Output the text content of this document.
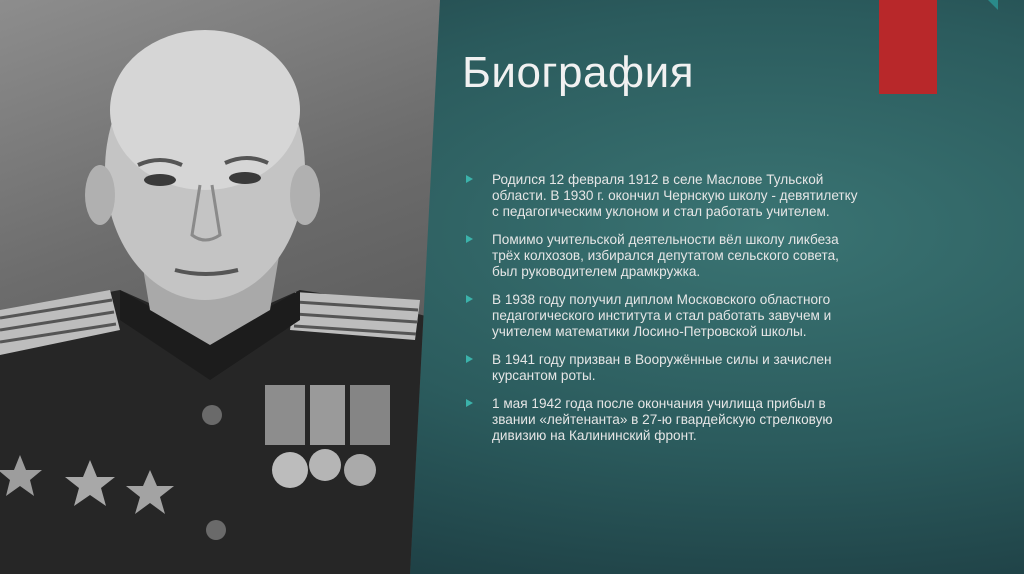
Биография
Родился 12 февраля 1912 в селе Маслове Тульской области. В 1930 г. окончил Чернскую школу - девятилетку с педагогическим уклоном и стал работать учителем.
Помимо учительской деятельности вёл школу ликбеза трёх колхозов, избирался депутатом сельского совета, был руководителем драмкружка.
В 1938 году получил диплом Московского областного педагогического института и стал работать завучем и учителем математики Лосино-Петровской школы.
В 1941 году призван в Вооружённые силы и зачислен курсантом роты.
1 мая 1942 года после окончания училища прибыл в звании «лейтенанта» в 27-ю гвардейскую стрелковую дивизию на Калининский фронт.
